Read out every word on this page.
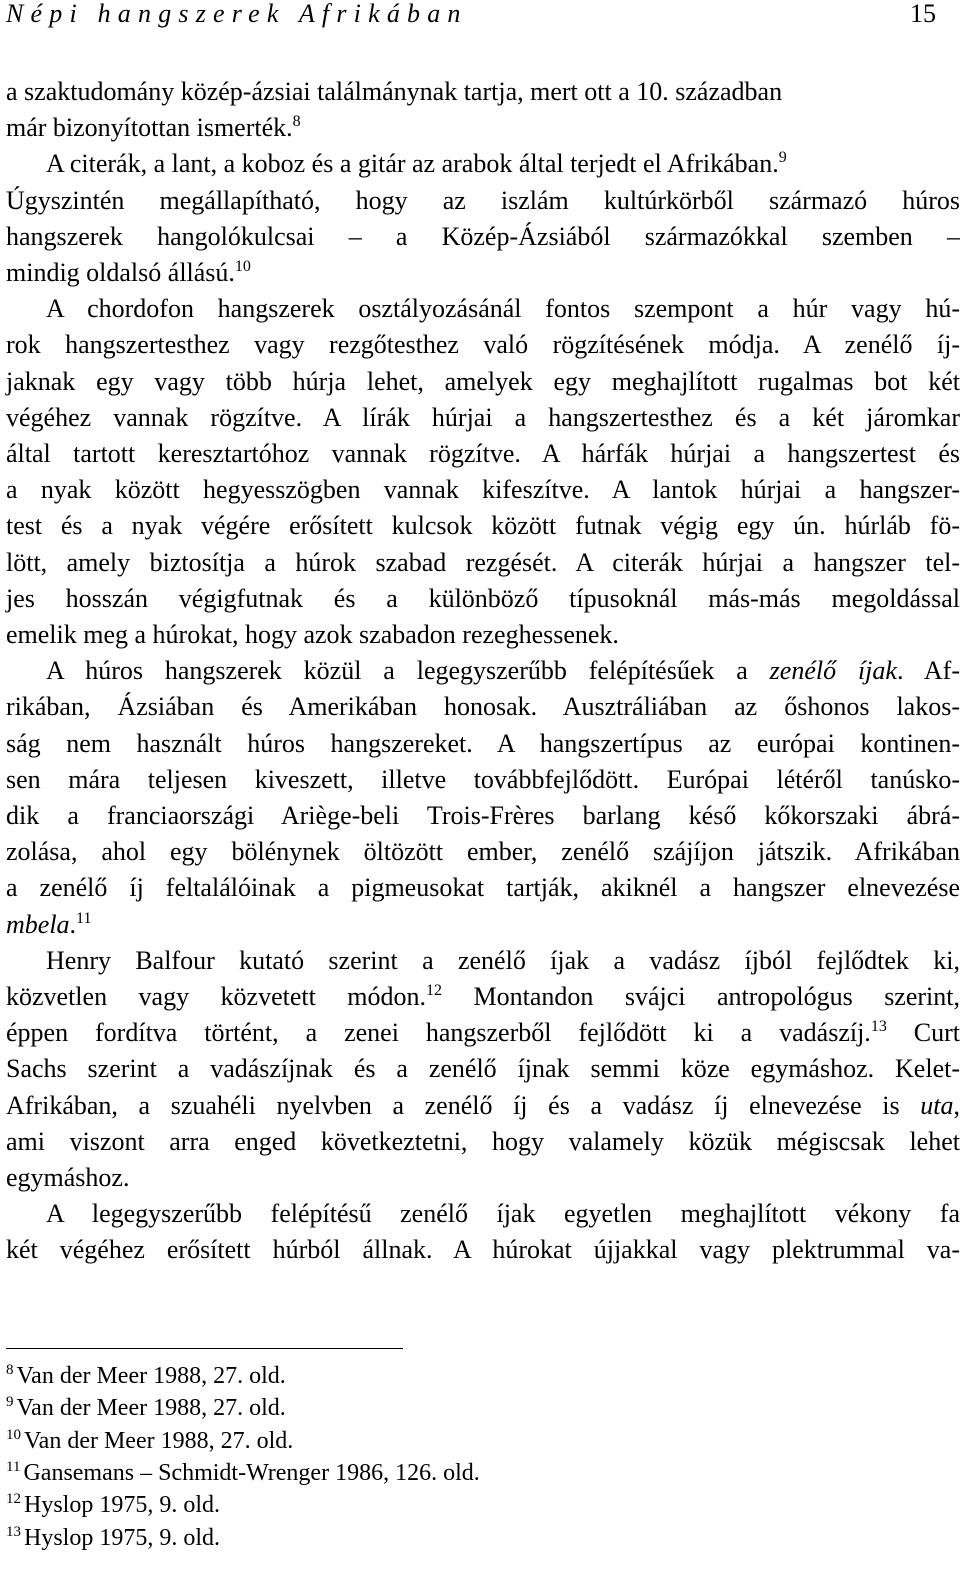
Népi hangszerek Afrikában	15
a szaktudomány közép-ázsiai találmánynak tartja, mert ott a 10. században
már bizonyítottan ismerték.$^8$
A citerák, a lant, a koboz és a gitár az arabok által terjedt el Afrikában.$^9$
Úgyszintén megállapítható, hogy az iszlám kultúrkörből származó húros
hangszerek hangolókulcsai – a Közép-Ázsiából származókkal szemben –
mindig oldalsó állású.$^{10}$
A chordofon hangszerek osztályozásánál fontos szempont a húr vagy hú-
rok hangszertesthez vagy rezgőtesthez való rögzítésének módja. A zenélő íj-
jaknak egy vagy több húrja lehet, amelyek egy meghajlított rugalmas bot két
végéhez vannak rögzítve. A lírák húrjai a hangszertesthez és a két járomkar
által tartott keresztartóhoz vannak rögzítve. A hárfák húrjai a hangszertest és
a nyak között hegyesszögben vannak kifeszítve. A lantok húrjai a hangszer-
test és a nyak végére erősített kulcsok között futnak végig egy ún. húrláb fö-
lött, amely biztosítja a húrok szabad rezgését. A citerák húrjai a hangszer tel-
jes hosszán végigfutnak és a különböző típusoknál más-más megoldással
emelik meg a húrokat, hogy azok szabadon rezeghessenek.
A húros hangszerek közül a legegyszerűbb felépítésűek a zenélő íjak. Af-
rikában, Ázsiában és Amerikában honosak. Ausztráliában az őshonos lakos-
ság nem használt húros hangszereket. A hangszertípus az európai kontinen-
sen mára teljesen kiveszett, illetve továbbfejlődött. Európai létéről tanúsko-
dik a franciaországi Ariège-beli Trois-Frères barlang késő kőkorszaki ábrá-
zolása, ahol egy bölénynek öltözött ember, zenélő szájíjon játszik. Afrikában
a zenélő íj feltalálóinak a pigmeusokat tartják, akiknél a hangszer elnevezése
mbela.$^{11}$
Henry Balfour kutató szerint a zenélő íjak a vadász íjból fejlődtek ki,
közvetlen vagy közvetett módon.$^{12}$ Montandon svájci antropológus szerint,
éppen fordítva történt, a zenei hangszerből fejlődött ki a vadászíj.$^{13}$ Curt
Sachs szerint a vadászíjnak és a zenélő íjnak semmi köze egymáshoz. Kelet-
Afrikában, a szuahéli nyelvben a zenélő íj és a vadász íj elnevezése is uta,
ami viszont arra enged következtetni, hogy valamely közük mégiscsak lehet
egymáshoz.
A legegyszerűbb felépítésű zenélő íjak egyetlen meghajlított vékony fa
két végéhez erősített húrból állnak. A húrokat újjakkal vagy plektrummal va-
$^8$ Van der Meer 1988, 27. old.
$^9$ Van der Meer 1988, 27. old.
$^{10}$ Van der Meer 1988, 27. old.
$^{11}$ Gansemans – Schmidt-Wrenger 1986, 126. old.
$^{12}$ Hyslop 1975, 9. old.
$^{13}$ Hyslop 1975, 9. old.
